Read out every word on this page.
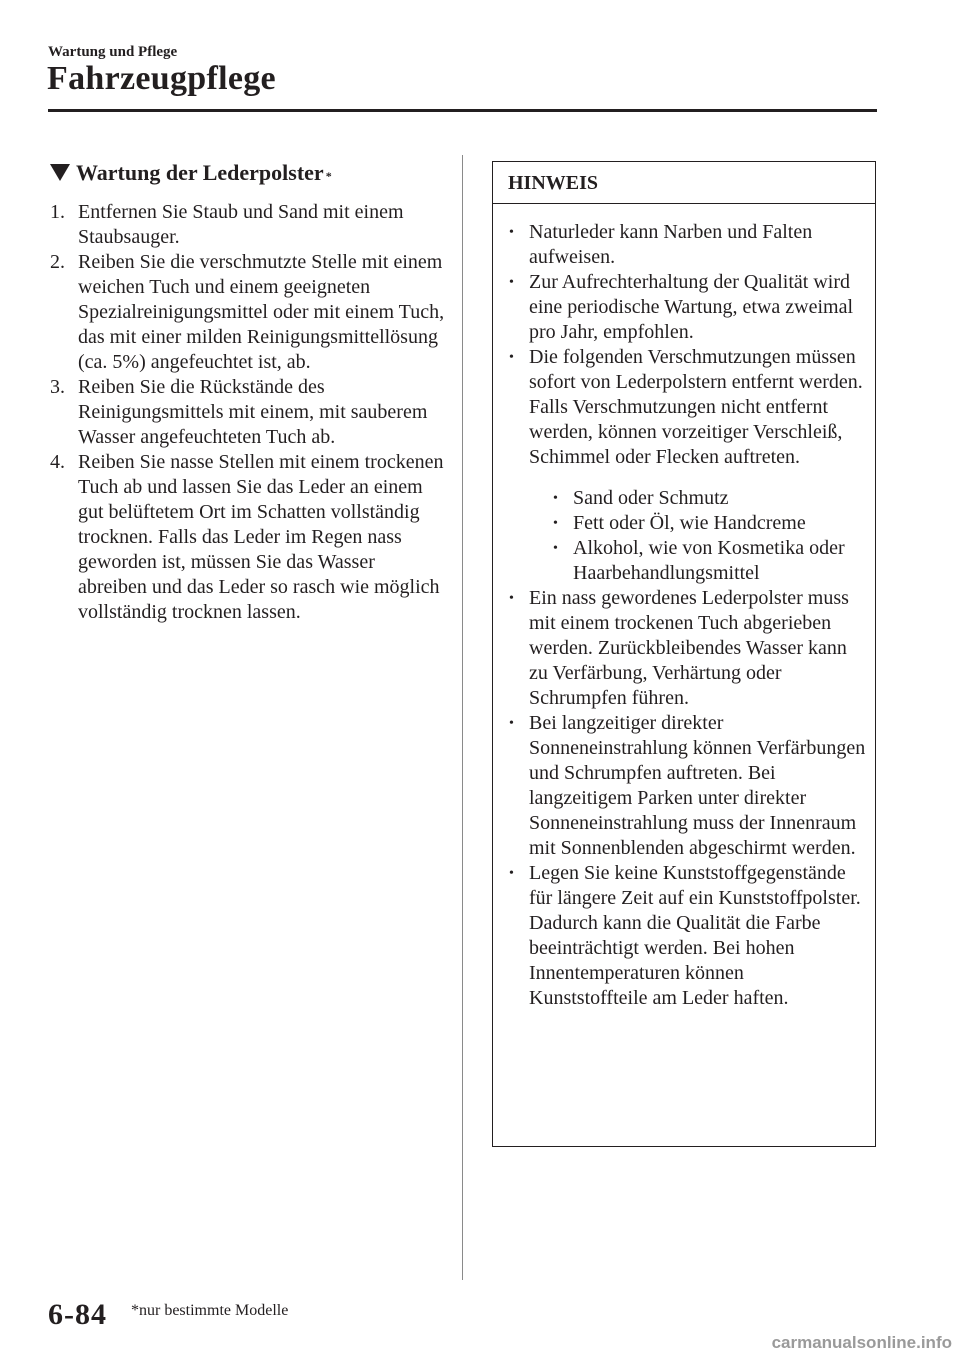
Wartung und Pflege
Fahrzeugpflege
Wartung der Lederpolster *
1. Entfernen Sie Staub und Sand mit einem Staubsauger.
2. Reiben Sie die verschmutzte Stelle mit einem weichen Tuch und einem geeigneten Spezialreinigungsmittel oder mit einem Tuch, das mit einer milden Reinigungsmittellösung (ca. 5%) angefeuchtet ist, ab.
3. Reiben Sie die Rückstände des Reinigungsmittels mit einem, mit sauberem Wasser angefeuchteten Tuch ab.
4. Reiben Sie nasse Stellen mit einem trockenen Tuch ab und lassen Sie das Leder an einem gut belüftetem Ort im Schatten vollständig trocknen. Falls das Leder im Regen nass geworden ist, müssen Sie das Wasser abreiben und das Leder so rasch wie möglich vollständig trocknen lassen.
HINWEIS
• Naturleder kann Narben und Falten aufweisen.
• Zur Aufrechterhaltung der Qualität wird eine periodische Wartung, etwa zweimal pro Jahr, empfohlen.
• Die folgenden Verschmutzungen müssen sofort von Lederpolstern entfernt werden.
Falls Verschmutzungen nicht entfernt werden, können vorzeitiger Verschleiß, Schimmel oder Flecken auftreten.
• Sand oder Schmutz
• Fett oder Öl, wie Handcreme
• Alkohol, wie von Kosmetika oder Haarbehandlungsmittel
• Ein nass gewordenes Lederpolster muss mit einem trockenen Tuch abgerieben werden. Zurückbleibendes Wasser kann zu Verfärbung, Verhärtung oder Schrumpfen führen.
• Bei langzeitiger direkter Sonneneinstrahlung können Verfärbungen und Schrumpfen auftreten. Bei langzeitigem Parken unter direkter Sonneneinstrahlung muss der Innenraum mit Sonnenblenden abgeschirmt werden.
• Legen Sie keine Kunststoffgegenstände für längere Zeit auf ein Kunststoffpolster. Dadurch kann die Qualität die Farbe beeinträchtigt werden. Bei hohen Innentemperaturen können Kunststoffteile am Leder haften.
6-84 *nur bestimmte Modelle
carmanualsonline.info
